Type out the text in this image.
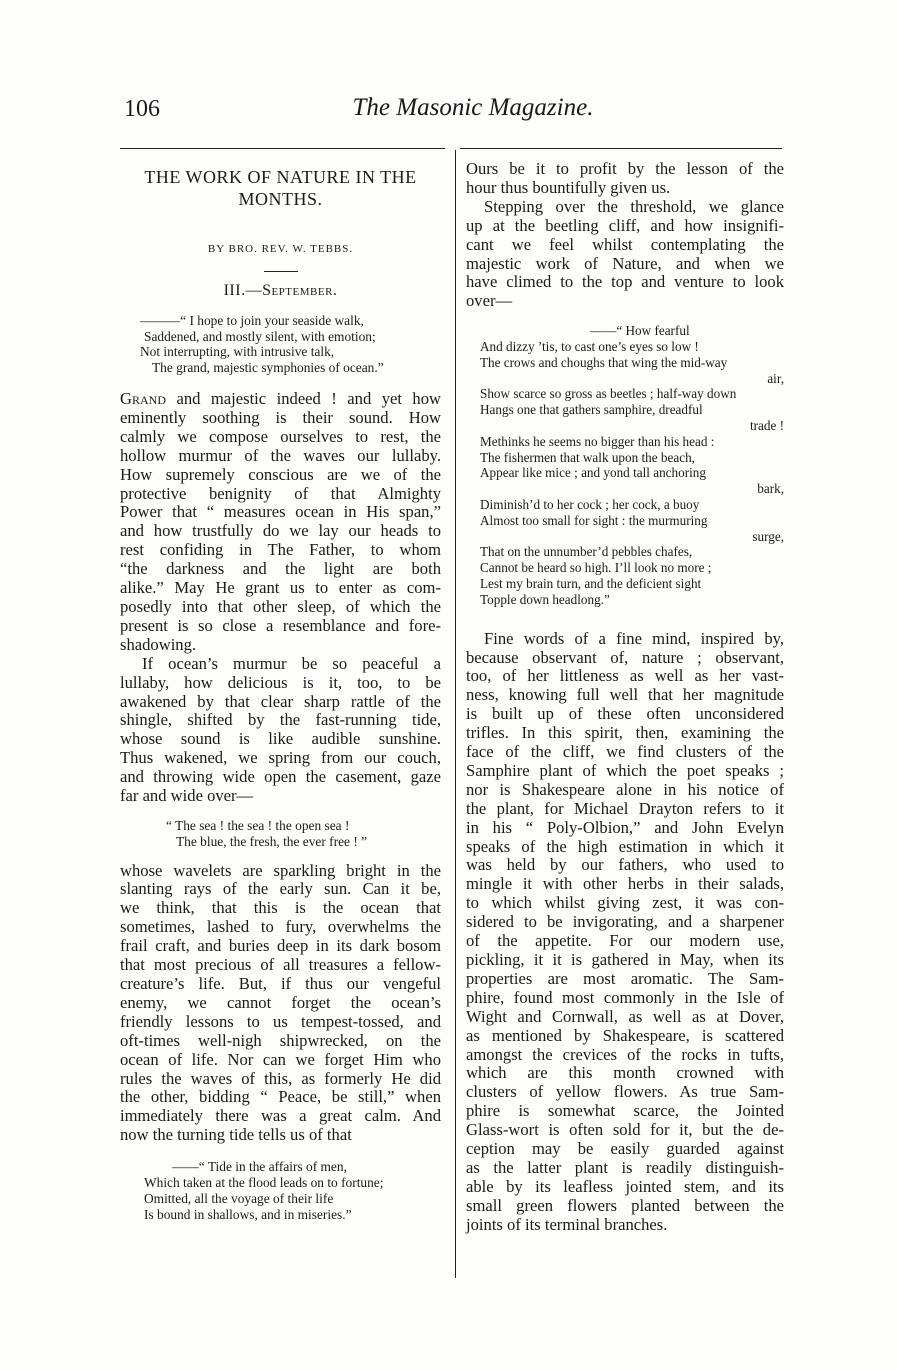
106	The Masonic Magazine.
THE WORK OF NATURE IN THE
MONTHS.
BY BRO. REV. W. TEBBS.
III.—September.
———“ I hope to join your seaside walk,
Saddened, and mostly silent, with emotion;
Not interrupting, with intrusive talk,
The grand, majestic symphonies of ocean.”
Grand and majestic indeed ! and yet how
eminently soothing is their sound. How
calmly we compose ourselves to rest, the
hollow murmur of the waves our lullaby.
How supremely conscious are we of the
protective benignity of that Almighty
Power that “ measures ocean in His span,”
and how trustfully do we lay our heads to
rest confiding in The Father, to whom
“the darkness and the light are both
alike.” May He grant us to enter as com-
posedly into that other sleep, of which the
present is so close a resemblance and fore-
shadowing.
If ocean’s murmur be so peaceful a
lullaby, how delicious is it, too, to be
awakened by that clear sharp rattle of the
shingle, shifted by the fast-running tide,
whose sound is like audible sunshine.
Thus wakened, we spring from our couch,
and throwing wide open the casement, gaze
far and wide over—
“ The sea ! the sea ! the open sea !
The blue, the fresh, the ever free ! ”
whose wavelets are sparkling bright in the
slanting rays of the early sun. Can it be,
we think, that this is the ocean that
sometimes, lashed to fury, overwhelms the
frail craft, and buries deep in its dark bosom
that most precious of all treasures a fellow-
creature’s life. But, if thus our vengeful
enemy, we cannot forget the ocean’s
friendly lessons to us tempest-tossed, and
oft-times well-nigh shipwrecked, on the
ocean of life. Nor can we forget Him who
rules the waves of this, as formerly He did
the other, bidding “ Peace, be still,” when
immediately there was a great calm. And
now the turning tide tells us of that
——“ Tide in the affairs of men,
Which taken at the flood leads on to fortune;
Omitted, all the voyage of their life
Is bound in shallows, and in miseries.”
Ours be it to profit by the lesson of the
hour thus bountifully given us.
Stepping over the threshold, we glance
up at the beetling cliff, and how insignifi-
cant we feel whilst contemplating the
majestic work of Nature, and when we
have climed to the top and venture to look
over—
——“ How fearful
And dizzy ’tis, to cast one’s eyes so low !
The crows and choughs that wing the mid-way
air,
Show scarce so gross as beetles ; half-way down
Hangs one that gathers samphire, dreadful
trade !
Methinks he seems no bigger than his head :
The fishermen that walk upon the beach,
Appear like mice ; and yond tall anchoring
bark,
Diminish’d to her cock ; her cock, a buoy
Almost too small for sight : the murmuring
surge,
That on the unnumber’d pebbles chafes,
Cannot be heard so high. I’ll look no more ;
Lest my brain turn, and the deficient sight
Topple down headlong.”
Fine words of a fine mind, inspired by,
because observant of, nature ; observant,
too, of her littleness as well as her vast-
ness, knowing full well that her magnitude
is built up of these often unconsidered
trifles. In this spirit, then, examining the
face of the cliff, we find clusters of the
Samphire plant of which the poet speaks ;
nor is Shakespeare alone in his notice of
the plant, for Michael Drayton refers to it
in his “ Poly-Olbion,” and John Evelyn
speaks of the high estimation in which it
was held by our fathers, who used to
mingle it with other herbs in their salads,
to which whilst giving zest, it was con-
sidered to be invigorating, and a sharpener
of the appetite. For our modern use,
pickling, it it is gathered in May, when its
properties are most aromatic. The Sam-
phire, found most commonly in the Isle of
Wight and Cornwall, as well as at Dover,
as mentioned by Shakespeare, is scattered
amongst the crevices of the rocks in tufts,
which are this month crowned with
clusters of yellow flowers. As true Sam-
phire is somewhat scarce, the Jointed
Glass-wort is often sold for it, but the de-
ception may be easily guarded against
as the latter plant is readily distinguish-
able by its leafless jointed stem, and its
small green flowers planted between the
joints of its terminal branches.
